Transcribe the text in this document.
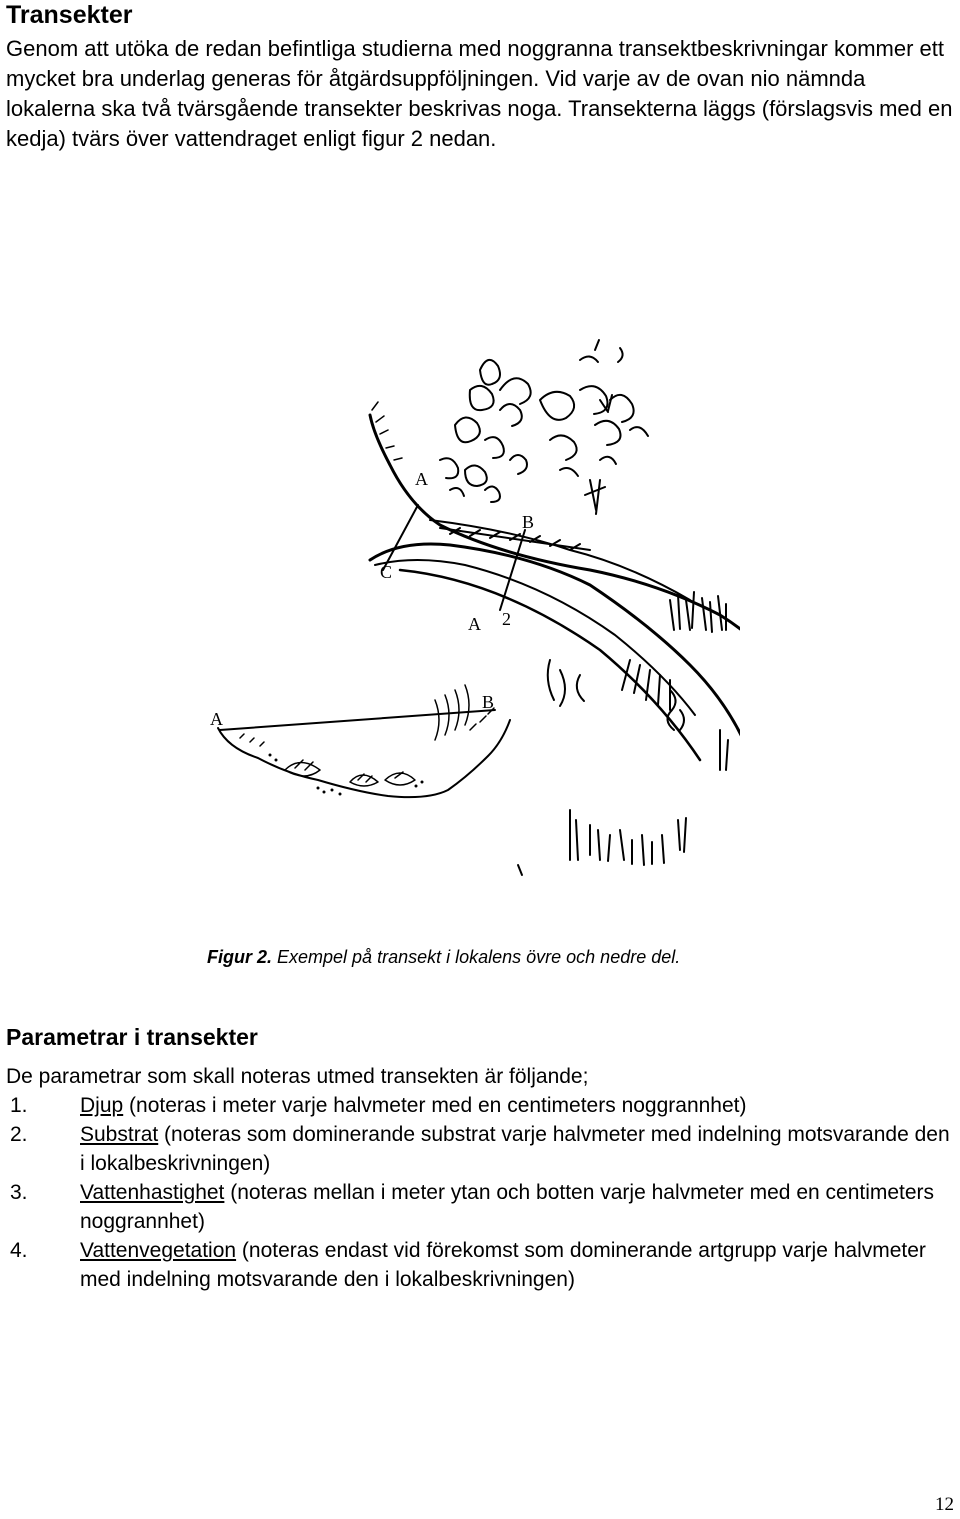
Transekter

Genom att utöka de redan befintliga studierna med noggranna transektbeskrivningar kommer ett mycket bra underlag generas för åtgärdsuppföljningen. Vid varje av de ovan nio nämnda lokalerna ska två tvärsgående transekter beskrivas noga. Transekterna läggs (förslagsvis med en kedja) tvärs över vattendraget enligt figur 2 nedan.

A
B
C
A 2
A
B

Figur 2. Exempel på transekt i lokalens övre och nedre del.

Parametrar i transekter

De parametrar som skall noteras utmed transekten är följande;

1.	Djup (noteras i meter varje halvmeter med en centimeters noggrannhet)
2.	Substrat (noteras som dominerande substrat varje halvmeter med indelning motsvarande den i lokalbeskrivningen)
3.	Vattenhastighet (noteras mellan i meter ytan och botten varje halvmeter med en centimeters noggrannhet)
4.	Vattenvegetation (noteras endast vid förekomst som dominerande artgrupp varje halvmeter med indelning motsvarande den i lokalbeskrivningen)
12
